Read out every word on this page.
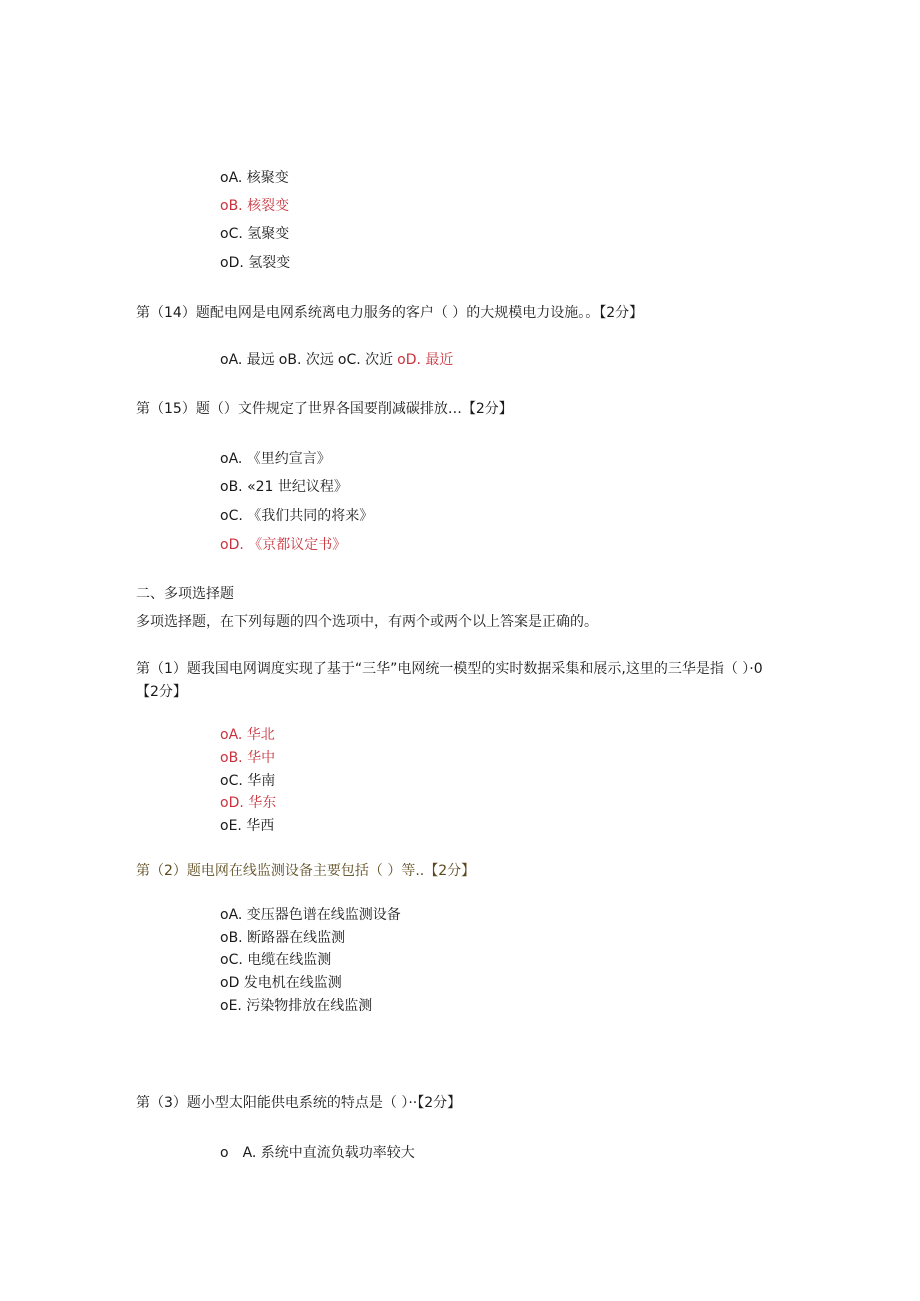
oA. 核聚变
oB. 核裂变
oC. 氢聚变
oD. 氢裂变
第（14）题配电网是电网系统离电力服务的客户（ ）的大规模电力设施。。【2分】
oA. 最远 oB. 次远 oC. 次近 oD. 最近
第（15）题（）文件规定了世界各国要削减碳排放…【2分】
oA. 《里约宣言》
oB. «21 世纪议程》
oC. 《我们共同的将来》
oD. 《京都议定书》
二、多项选择题
多项选择题，在下列每题的四个选项中，有两个或两个以上答案是正确的。
第（1）题我国电网调度实现了基于“三华”电网统一模型的实时数据采集和展示,这里的三华是指（ ）·0
【2分】
oA. 华北
oB. 华中
oC. 华南
oD. 华东
oE. 华西
第（2）题电网在线监测设备主要包括（ ）等..【2分】
oA. 变压器色谱在线监测设备
oB. 断路器在线监测
oC. 电缆在线监测
oD 发电机在线监测
oE. 污染物排放在线监测
第（3）题小型太阳能供电系统的特点是（ ）··【2分】
o　A. 系统中直流负载功率较大
